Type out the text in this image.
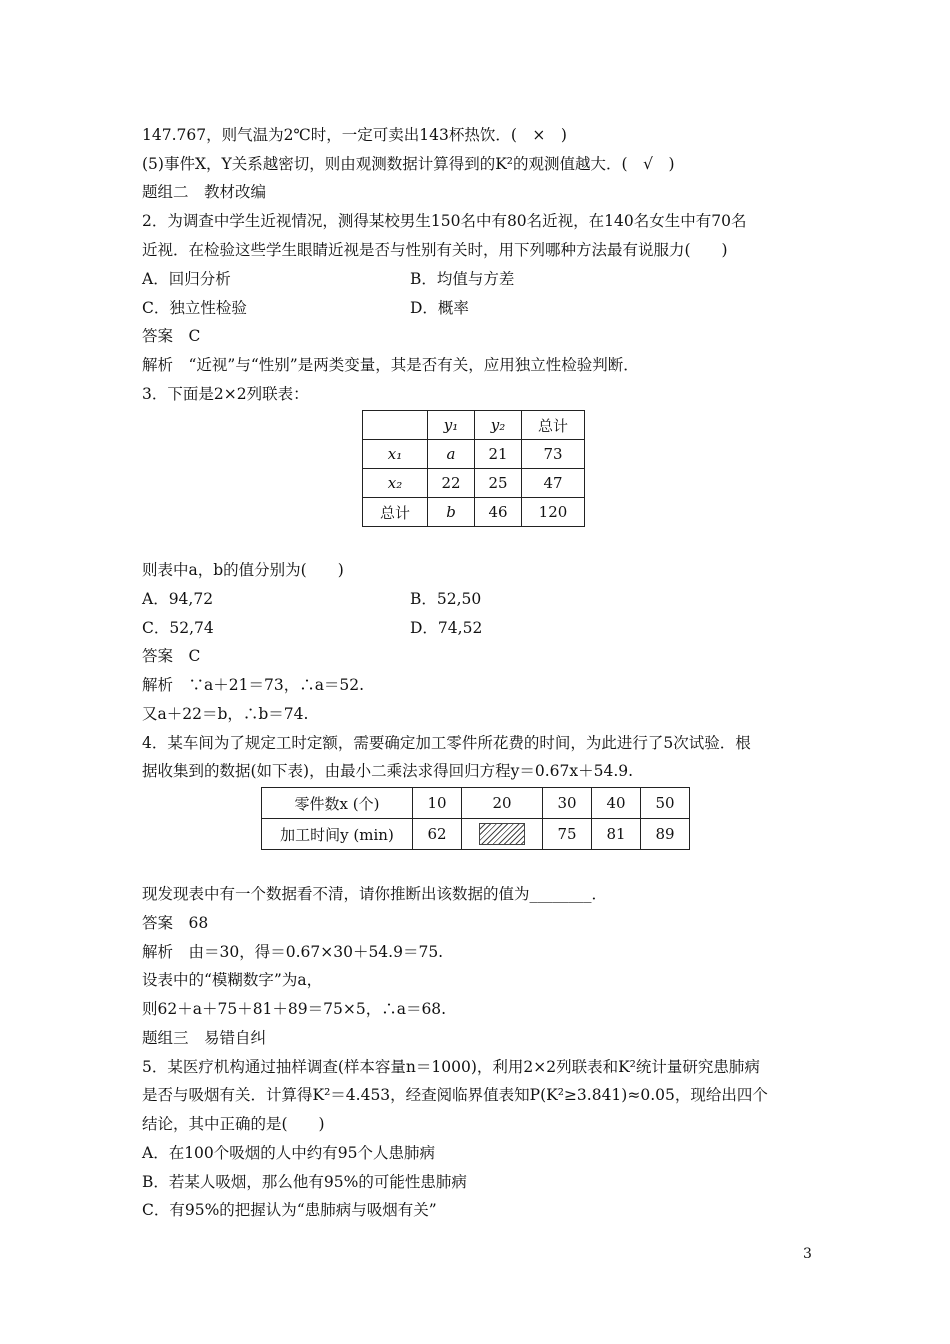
147.767，则气温为2℃时，一定可卖出143杯热饮．(　×　)
(5)事件X，Y关系越密切，则由观测数据计算得到的K²的观测值越大．(　√　)
题组二　教材改编
2．为调查中学生近视情况，测得某校男生150名中有80名近视，在140名女生中有70名
近视．在检验这些学生眼睛近视是否与性别有关时，用下列哪种方法最有说服力(　　)
A．回归分析	B．均值与方差
C．独立性检验	D．概率
答案　C
解析　“近视”与“性别”是两类变量，其是否有关，应用独立性检验判断．
3．下面是2×2列联表：
	y₁	y₂	总计
x₁	a	21	73
x₂	22	25	47
总计	b	46	120
则表中a，b的值分别为(　　)
A．94,72	B．52,50
C．52,74	D．74,52
答案　C
解析　∵a＋21＝73，∴a＝52.
又a＋22＝b，∴b＝74.
4．某车间为了规定工时定额，需要确定加工零件所花费的时间，为此进行了5次试验．根
据收集到的数据(如下表)，由最小二乘法求得回归方程y＝0.67x＋54.9.
零件数x (个)	10	20	30	40	50
加工时间y (min)	62		75	81	89
现发现表中有一个数据看不清，请你推断出该数据的值为________．
答案　68
解析　由＝30，得＝0.67×30＋54.9＝75.
设表中的“模糊数字”为a，
则62＋a＋75＋81＋89＝75×5，∴a＝68.
题组三　易错自纠
5．某医疗机构通过抽样调查(样本容量n＝1000)，利用2×2列联表和K²统计量研究患肺病
是否与吸烟有关．计算得K²＝4.453，经查阅临界值表知P(K²≥3.841)≈0.05，现给出四个
结论，其中正确的是(　　)
A．在100个吸烟的人中约有95个人患肺病
B．若某人吸烟，那么他有95%的可能性患肺病
C．有95%的把握认为“患肺病与吸烟有关”
3
